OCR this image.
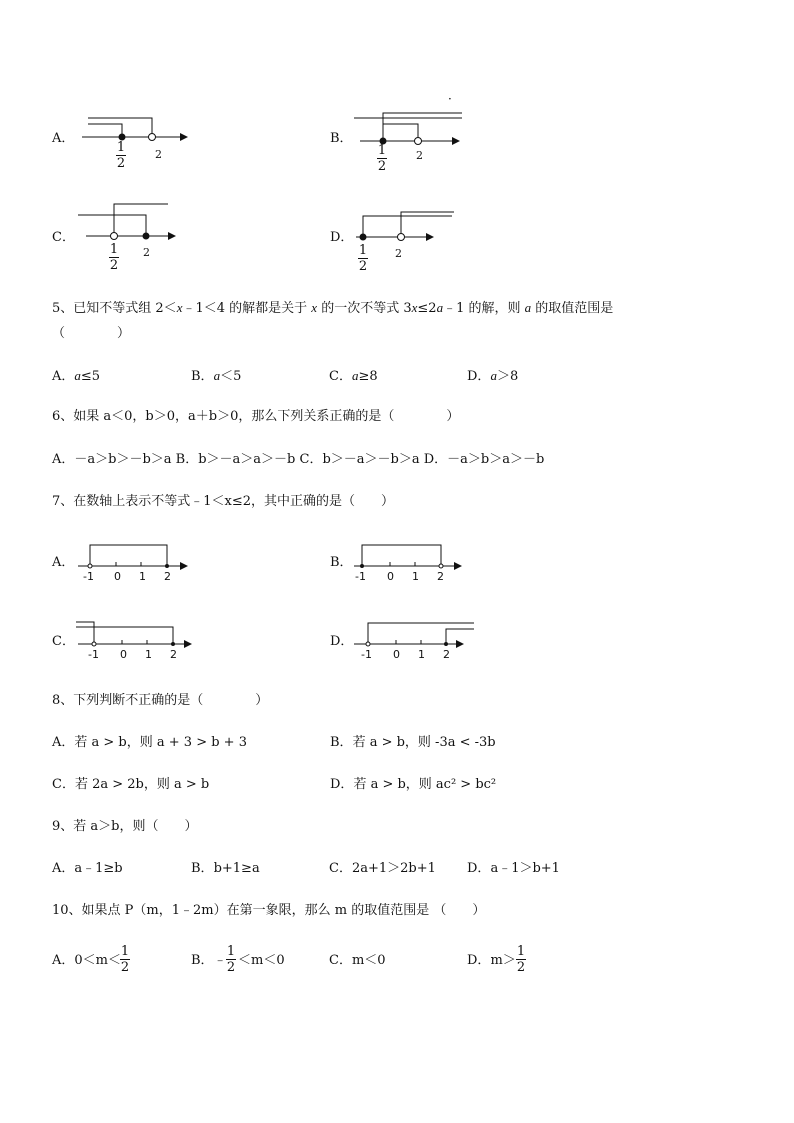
·
A．
1
2
2
B．
1
2
2
C．
1
2
2
D．
1
2
2
5、已知不等式组 2＜x﹣1＜4 的解都是关于 x 的一次不等式 3x≤2a﹣1 的解，则 a 的取值范围是
（　　　　）
A．a≤5	B．a＜5	C．a≥8	D．a＞8
6、如果 a＜0，b＞0，a＋b＞0，那么下列关系正确的是（　　　　）
A．－a＞b＞－b＞a B．b＞－a＞a＞－b C．b＞－a＞－b＞a D．－a＞b＞a＞－b
7、在数轴上表示不等式﹣1＜x≤2，其中正确的是（　　）
A．
-1 0 1 2
B．
-1 0 1 2
C．
-1 0 1 2
D．
-1 0 1 2
8、下列判断不正确的是（　　　　）
A．若 a > b，则 a + 3 > b + 3	B．若 a > b，则 -3a < -3b
C．若 2a > 2b，则 a > b	D．若 a > b，则 ac² > bc²
9、若 a＞b，则（　　）
A．a﹣1≥b	B．b+1≥a	C．2a+1＞2b+1 D．a﹣1＞b+1
10、如果点 P（m，1﹣2m）在第一象限，那么 m 的取值范围是 （　　）
A．0＜m＜
1
2	B．﹣
1
2 ＜m＜0	C．m＜0	D．m＞
1
2
